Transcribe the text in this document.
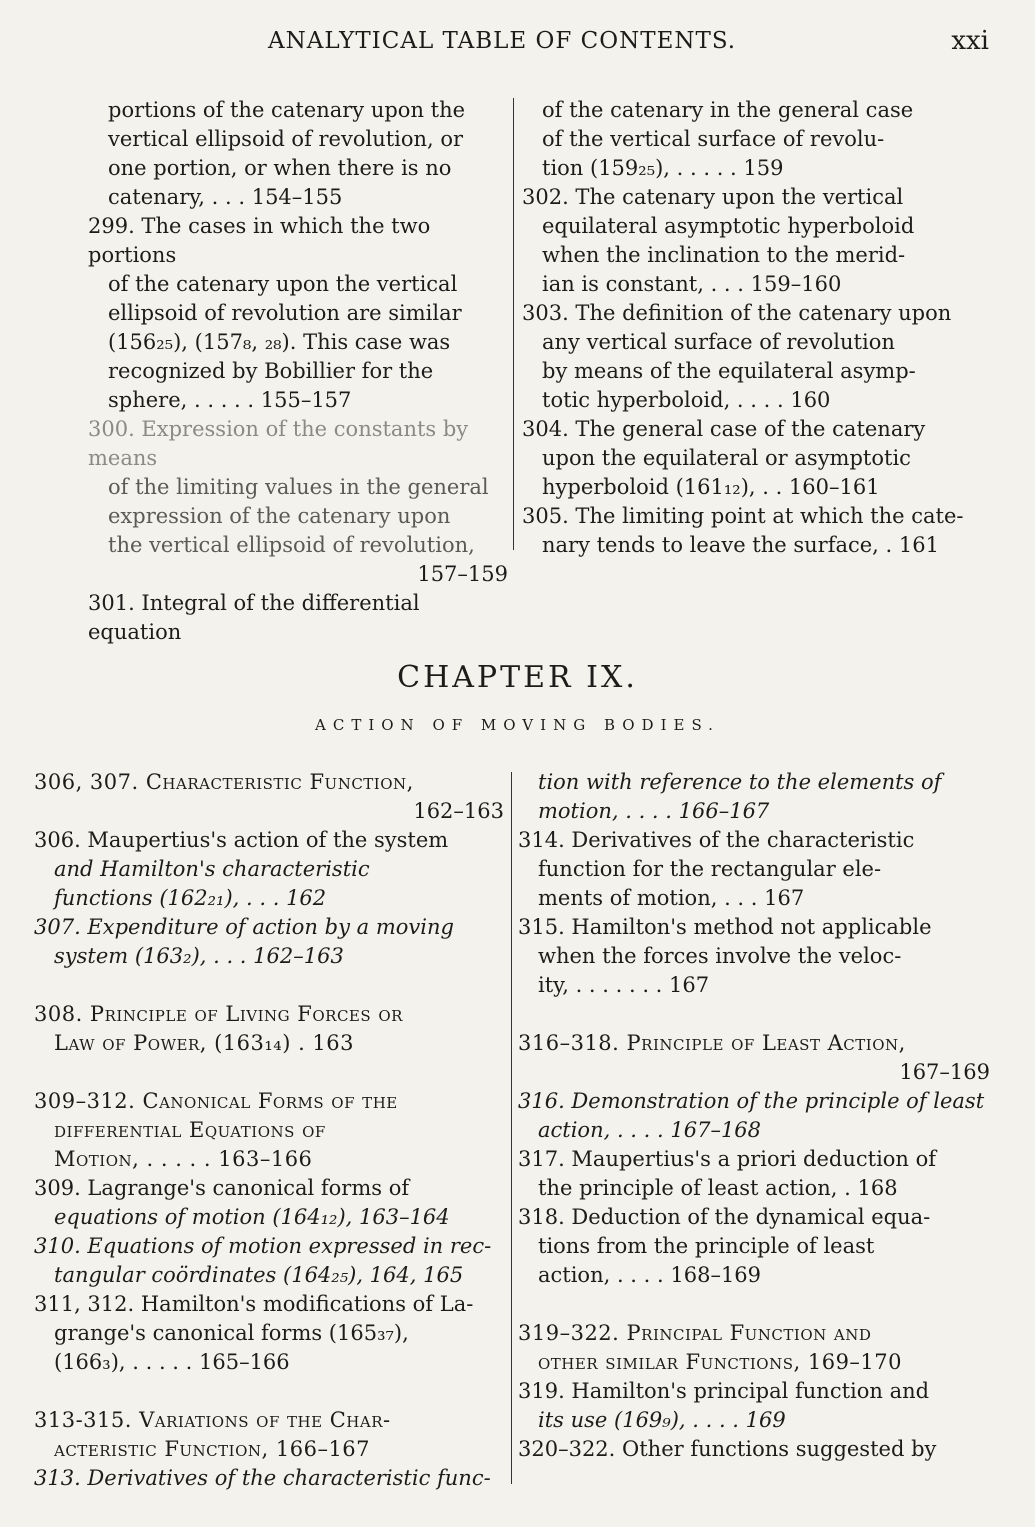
ANALYTICAL TABLE OF CONTENTS.	xxi
portions of the catenary upon the
vertical ellipsoid of revolution, or
one portion, or when there is no
catenary, . . . 154–155
299. The cases in which the two portions
of the catenary upon the vertical
ellipsoid of revolution are similar
(156₂₅), (157₈, ₂₈). This case was
recognized by Bobillier for the
sphere, . . . . . 155–157
300. Expression of the constants by means
of the limiting values in the general
expression of the catenary upon
the vertical ellipsoid of revolution,
157–159
301. Integral of the differential equation
of the catenary in the general case
of the vertical surface of revolu-
tion (159₂₅), . . . . . 159
302. The catenary upon the vertical
equilateral asymptotic hyperboloid
when the inclination to the merid-
ian is constant, . . . 159–160
303. The definition of the catenary upon
any vertical surface of revolution
by means of the equilateral asymp-
totic hyperboloid, . . . . 160
304. The general case of the catenary
upon the equilateral or asymptotic
hyperboloid (161₁₂), . . 160–161
305. The limiting point at which the cate-
nary tends to leave the surface, . 161
CHAPTER IX.
ACTION OF MOVING BODIES.
306, 307. Characteristic Function,
162–163
306. Maupertius's action of the system
and Hamilton's characteristic
functions (162₂₁), . . . 162
307. Expenditure of action by a moving
system (163₂), . . . 162–163
308. Principle of Living Forces or
Law of Power, (163₁₄) . 163
309–312. Canonical Forms of the
differential Equations of
Motion, . . . . . 163–166
309. Lagrange's canonical forms of
equations of motion (164₁₂), 163–164
310. Equations of motion expressed in rec-
tangular coördinates (164₂₅), 164, 165
311, 312. Hamilton's modifications of La-
grange's canonical forms (165₃₇),
(166₃), . . . . . 165–166
313-315. Variations of the Char-
acteristic Function, 166–167
313. Derivatives of the characteristic func-
tion with reference to the elements of
motion, . . . . 166–167
314. Derivatives of the characteristic
function for the rectangular ele-
ments of motion, . . . 167
315. Hamilton's method not applicable
when the forces involve the veloc-
ity, . . . . . . . 167
316–318. Principle of Least Action,
167–169
316. Demonstration of the principle of least
action, . . . . 167–168
317. Maupertius's a priori deduction of
the principle of least action, . 168
318. Deduction of the dynamical equa-
tions from the principle of least
action, . . . . 168–169
319–322. Principal Function and
other similar Functions, 169–170
319. Hamilton's principal function and
its use (169₉), . . . . 169
320–322. Other functions suggested by
